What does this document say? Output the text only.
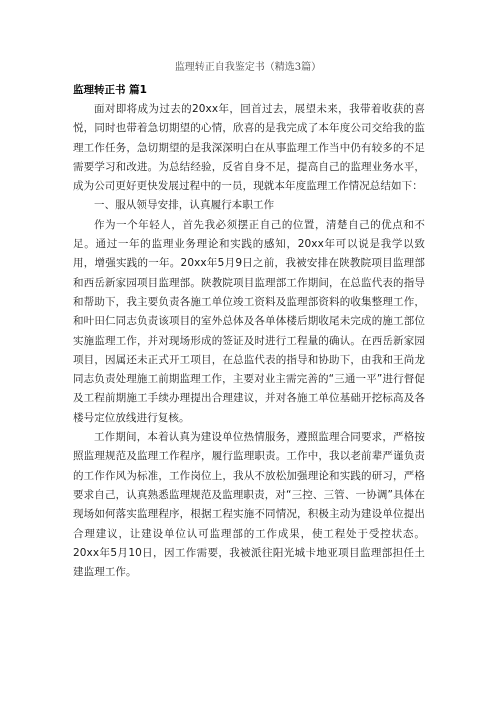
监理转正自我鉴定书（精选3篇）
监理转正书 篇1

面对即将成为过去的20xx年，回首过去，展望未来，我带着收获的喜悦，同时也带着急切期望的心情，欣喜的是我完成了本年度公司交给我的监理工作任务，急切期望的是我深深明白在从事监理工作当中仍有较多的不足需要学习和改进。为总结经验，反省自身不足，提高自己的监理业务水平，成为公司更好更快发展过程中的一员，现就本年度监理工作情况总结如下：

一、服从领导安排，认真履行本职工作

作为一个年轻人，首先我必须摆正自己的位置，清楚自己的优点和不足。通过一年的监理业务理论和实践的感知，20xx年可以说是我学以致用，增强实践的一年。20xx年5月9日之前，我被安排在陕教院项目监理部和西岳新家园项目监理部。陕教院项目监理部工作期间，在总监代表的指导和帮助下，我主要负责各施工单位竣工资料及监理部资料的收集整理工作，和叶田仁同志负责该项目的室外总体及各单体楼后期收尾未完成的施工部位实施监理工作，并对现场形成的签证及时进行工程量的确认。在西岳新家园项目，因属还未正式开工项目，在总监代表的指导和协助下，由我和王尚龙同志负责处理施工前期监理工作，主要对业主需完善的“三通一平”进行督促及工程前期施工手续办理提出合理建议，并对各施工单位基础开挖标高及各楼号定位放线进行复核。

工作期间，本着认真为建设单位热情服务，遵照监理合同要求，严格按照监理规范及监理工作程序，履行监理职责。工作中，我以老前辈严谨负责的工作作风为标准，工作岗位上，我从不放松加强理论和实践的研习，严格要求自己，认真熟悉监理规范及监理职责，对“三控、三管、一协调”具体在现场如何落实监理程序，根据工程实施不同情况，积极主动为建设单位提出合理建议，让建设单位认可监理部的工作成果，使工程处于受控状态。20xx年5月10日，因工作需要，我被派往阳光城卡地亚项目监理部担任土建监理工作。
